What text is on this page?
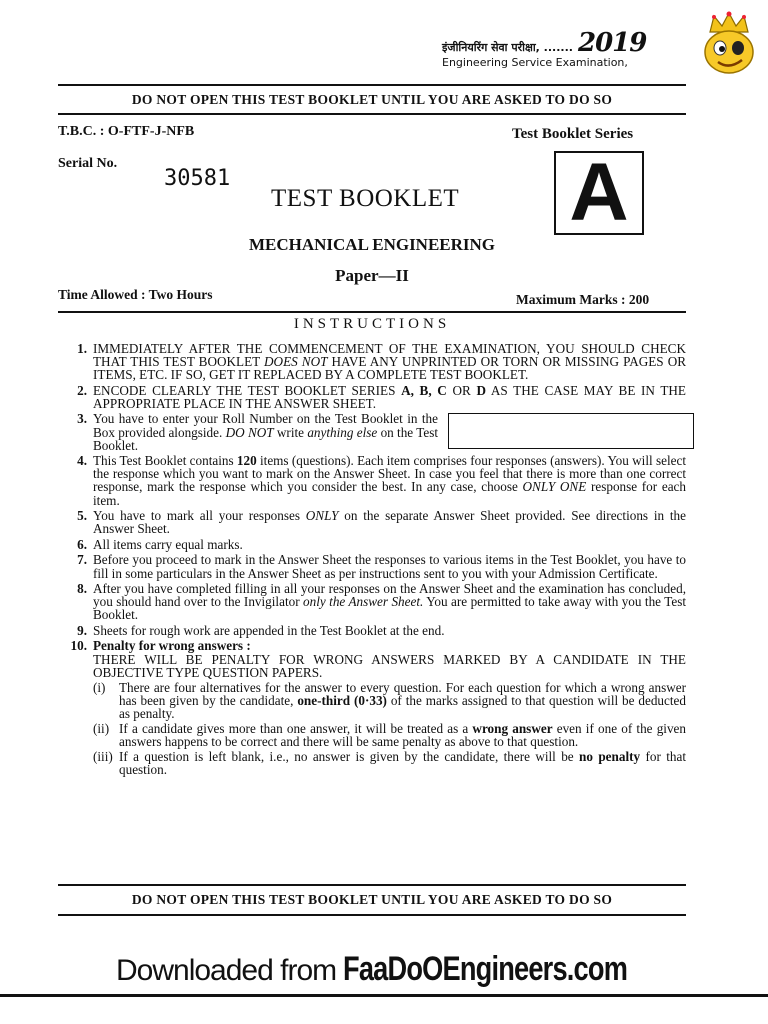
इंजीनियरिंग सेवा परीक्षा, .......
Engineering Service Examination,
2019
DO NOT OPEN THIS TEST BOOKLET UNTIL YOU ARE ASKED TO DO SO
T.B.C. : O-FTF-J-NFB	Test Booklet Series
Serial No.
30581	A
TEST BOOKLET
MECHANICAL ENGINEERING
Paper—II
Time Allowed : Two Hours	Maximum Marks : 200
INSTRUCTIONS
1. IMMEDIATELY AFTER THE COMMENCEMENT OF THE EXAMINATION, YOU SHOULD CHECK THAT THIS TEST BOOKLET DOES NOT HAVE ANY UNPRINTED OR TORN OR MISSING PAGES OR ITEMS, ETC. IF SO, GET IT REPLACED BY A COMPLETE TEST BOOKLET.
2. ENCODE CLEARLY THE TEST BOOKLET SERIES A, B, C OR D AS THE CASE MAY BE IN THE APPROPRIATE PLACE IN THE ANSWER SHEET.
3. You have to enter your Roll Number on the Test Booklet in the Box provided alongside. DO NOT write anything else on the Test Booklet.
4. This Test Booklet contains 120 items (questions). Each item comprises four responses (answers). You will select the response which you want to mark on the Answer Sheet. In case you feel that there is more than one correct response, mark the response which you consider the best. In any case, choose ONLY ONE response for each item.
5. You have to mark all your responses ONLY on the separate Answer Sheet provided. See directions in the Answer Sheet.
6. All items carry equal marks.
7. Before you proceed to mark in the Answer Sheet the responses to various items in the Test Booklet, you have to fill in some particulars in the Answer Sheet as per instructions sent to you with your Admission Certificate.
8. After you have completed filling in all your responses on the Answer Sheet and the examination has concluded, you should hand over to the Invigilator only the Answer Sheet. You are permitted to take away with you the Test Booklet.
9. Sheets for rough work are appended in the Test Booklet at the end.
10. Penalty for wrong answers :
THERE WILL BE PENALTY FOR WRONG ANSWERS MARKED BY A CANDIDATE IN THE OBJECTIVE TYPE QUESTION PAPERS.
(i)	There are four alternatives for the answer to every question. For each question for which a wrong answer has been given by the candidate, one-third (0·33) of the marks assigned to that question will be deducted as penalty.
(ii) If a candidate gives more than one answer, it will be treated as a wrong answer even if one of the given answers happens to be correct and there will be same penalty as above to that question.
(iii) If a question is left blank, i.e., no answer is given by the candidate, there will be no penalty for that question.
DO NOT OPEN THIS TEST BOOKLET UNTIL YOU ARE ASKED TO DO SO
Downloaded from FaaDoOEngineers.com
